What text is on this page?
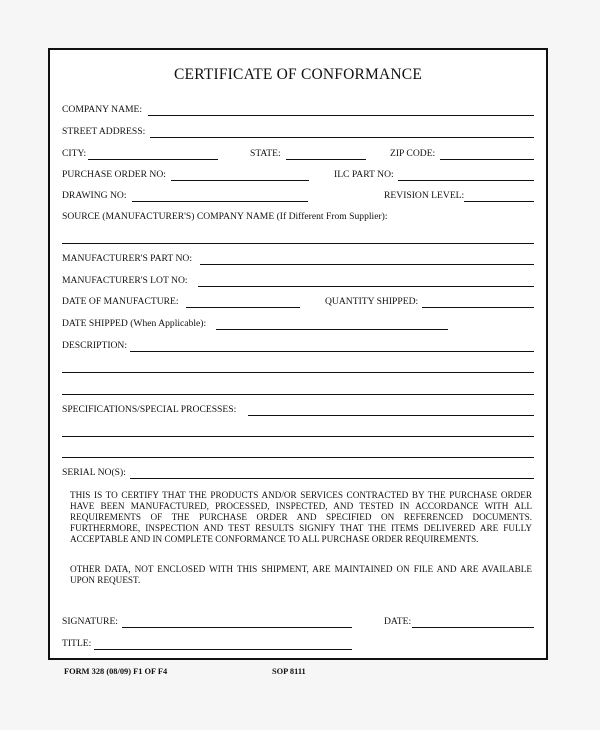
CERTIFICATE OF CONFORMANCE
COMPANY NAME:
STREET ADDRESS:
CITY:	STATE:	ZIP CODE:
PURCHASE ORDER NO:	ILC PART NO:
DRAWING NO:	REVISION LEVEL:
SOURCE (MANUFACTURER'S) COMPANY NAME (If Different From Supplier):
MANUFACTURER'S PART NO:
MANUFACTURER'S LOT NO:
DATE OF MANUFACTURE:	QUANTITY SHIPPED:
DATE SHIPPED (When Applicable):
DESCRIPTION:
SPECIFICATIONS/SPECIAL PROCESSES:
SERIAL NO(S):
THIS IS TO CERTIFY THAT THE PRODUCTS AND/OR SERVICES CONTRACTED BY THE PURCHASE ORDER HAVE BEEN MANUFACTURED, PROCESSED, INSPECTED, AND TESTED IN ACCORDANCE WITH ALL REQUIREMENTS OF THE PURCHASE ORDER AND SPECIFIED ON REFERENCED DOCUMENTS. FURTHERMORE, INSPECTION AND TEST RESULTS SIGNIFY THAT THE ITEMS DELIVERED ARE FULLY ACCEPTABLE AND IN COMPLETE CONFORMANCE TO ALL PURCHASE ORDER REQUIREMENTS.
OTHER DATA, NOT ENCLOSED WITH THIS SHIPMENT, ARE MAINTAINED ON FILE AND ARE AVAILABLE UPON REQUEST.
SIGNATURE:	DATE:
TITLE:
FORM 328 (08/09) F1 OF F4	SOP 8111
